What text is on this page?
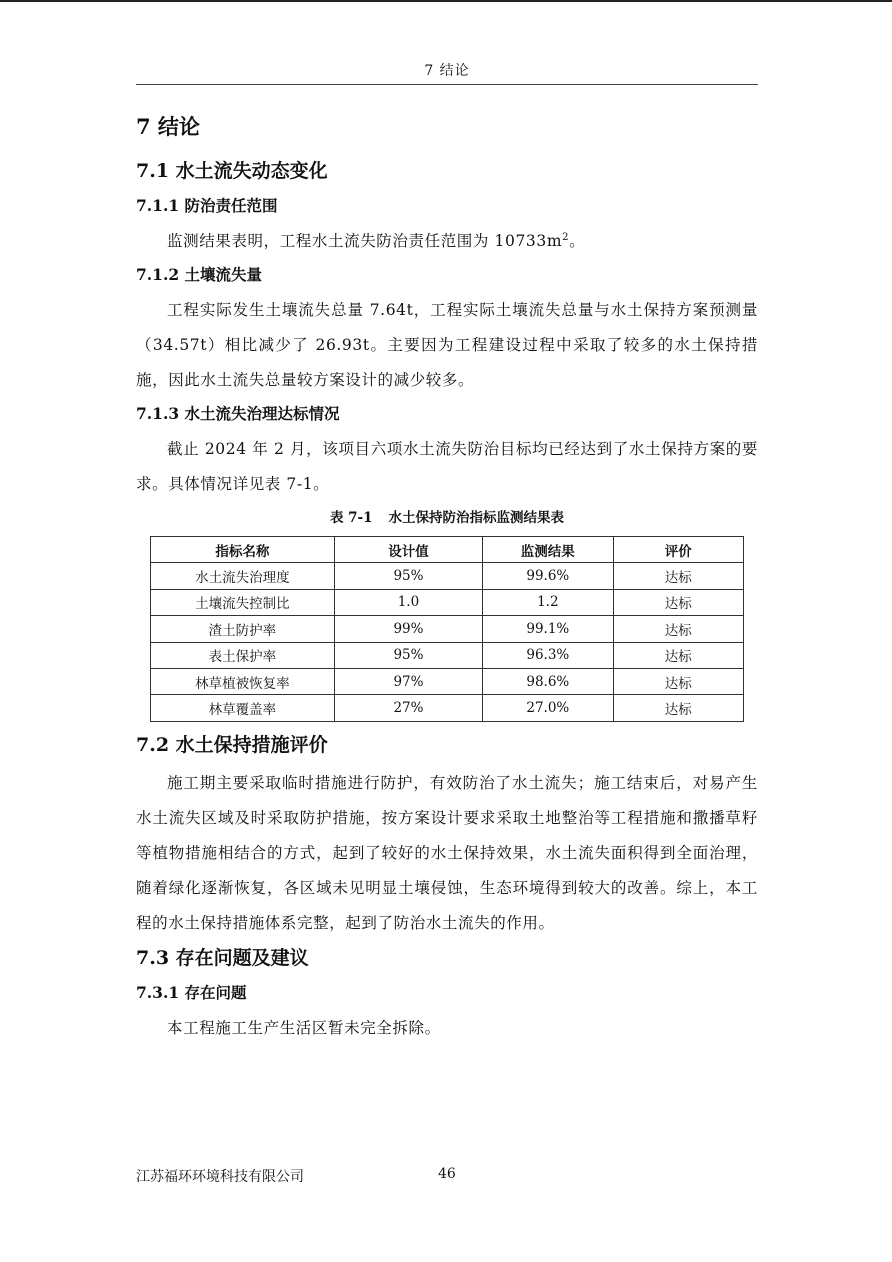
7 结论
7 结论
7.1 水土流失动态变化
7.1.1 防治责任范围

监测结果表明，工程水土流失防治责任范围为 $10733m^2$。

7.1.2 土壤流失量

工程实际发生土壤流失总量 7.64t，工程实际土壤流失总量与水土保持方案预测量（34.57t）相比减少了 26.93t。主要因为工程建设过程中采取了较多的水土保持措施，因此水土流失总量较方案设计的减少较多。

7.1.3 水土流失治理达标情况

截止 2024 年 2 月，该项目六项水土流失防治目标均已经达到了水土保持方案的要求。具体情况详见表 7-1。

表 7-1 水土保持防治指标监测结果表
指标名称	设计值	监测结果	评价
水土流失治理度	95%	99.6%	达标
土壤流失控制比	1.0	1.2	达标
渣土防护率	99%	99.1%	达标
表土保护率	95%	96.3%	达标
林草植被恢复率	97%	98.6%	达标
林草覆盖率	27%	27.0%	达标
7.2 水土保持措施评价

施工期主要采取临时措施进行防护，有效防治了水土流失；施工结束后，对易产生水土流失区域及时采取防护措施，按方案设计要求采取土地整治等工程措施和撒播草籽等植物措施相结合的方式，起到了较好的水土保持效果，水土流失面积得到全面治理，随着绿化逐渐恢复，各区域未见明显土壤侵蚀，生态环境得到较大的改善。综上，本工程的水土保持措施体系完整，起到了防治水土流失的作用。

7.3 存在问题及建议
7.3.1 存在问题

本工程施工生产生活区暂未完全拆除。

江苏福环环境科技有限公司	46
